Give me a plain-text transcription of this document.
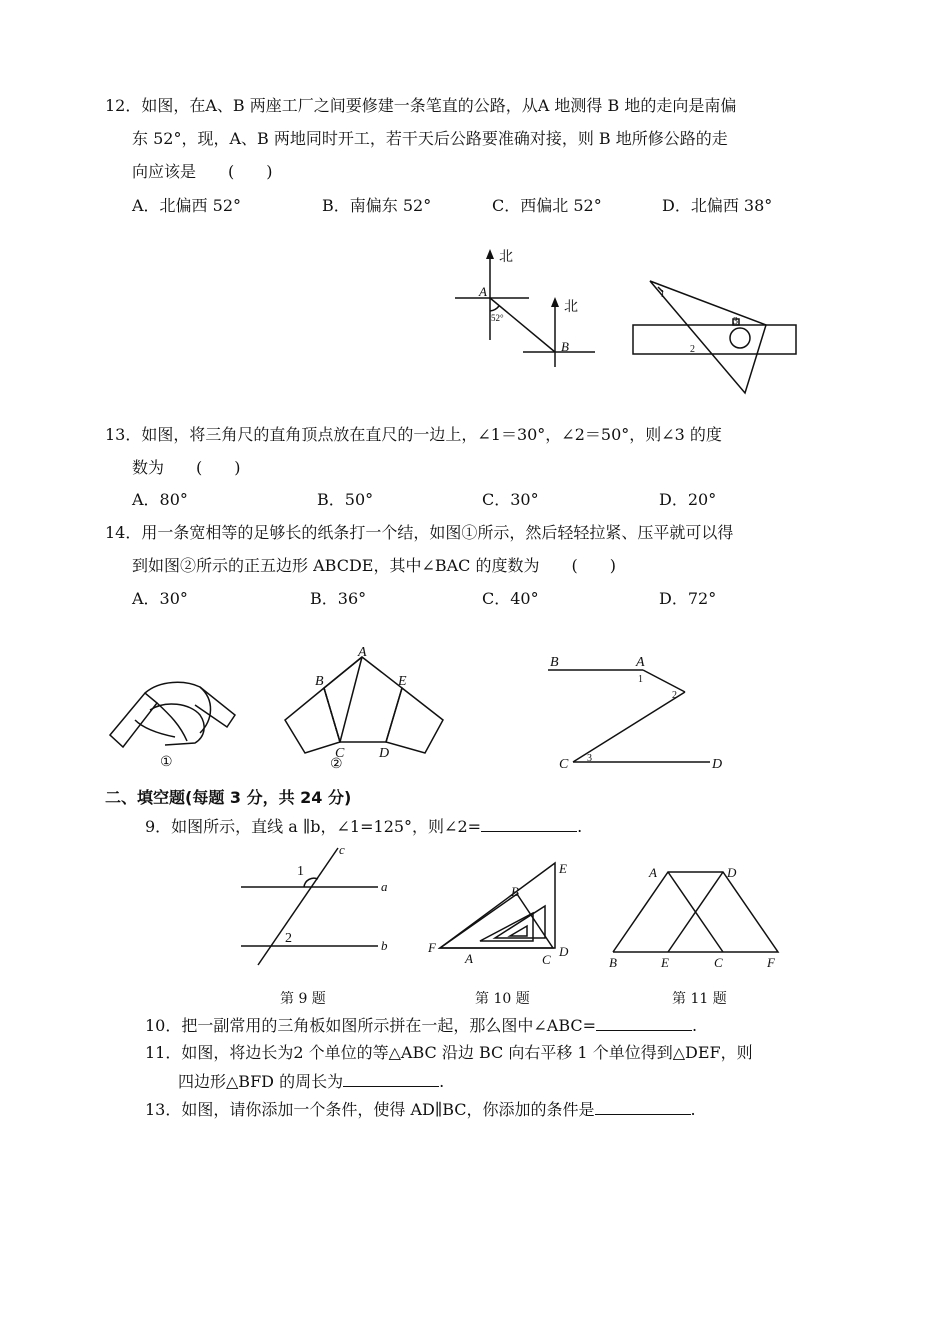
12．如图，在A、B 两座工厂之间要修建一条笔直的公路，从A 地测得 B 地的走向是南偏
东 52°，现，A、B 两地同时开工，若干天后公路要准确对接，则 B 地所修公路的走
向应该是　　(　　)
A．北偏西 52°	B．南偏东 52°	C．西偏北 52°	D．北偏西 38°
北
北
A
B
52°
1
2
3
13．如图，将三角尺的直角顶点放在直尺的一边上，∠1＝30°，∠2＝50°，则∠3 的度
数为　　(　　)
A．80°	B．50°	C．30°	D．20°
14．用一条宽相等的足够长的纸条打一个结，如图①所示，然后轻轻拉紧、压平就可以得
到如图②所示的正五边形 ABCDE，其中∠BAC 的度数为　　(　　)
A．30°	B．36°	C．40°	D．72°
①
A
B
C D
E
②
B	A
1
2
C 3	D
二、填空题(每题 3 分，共 24 分)
9．如图所示，直线 a ∥b，∠1=125°，则∠2=	.
c
a
b
1
2
第 9 题
F
A
B
C
D
E
第 10 题
A	D
B	E	C	F
第 11 题
10．把一副常用的三角板如图所示拼在一起，那么图中∠ABC=	.
11．如图，将边长为2 个单位的等△ABC 沿边 BC 向右平移 1 个单位得到△DEF，则
四边形△BFD 的周长为	.
13．如图，请你添加一个条件，使得 AD∥BC，你添加的条件是	.
